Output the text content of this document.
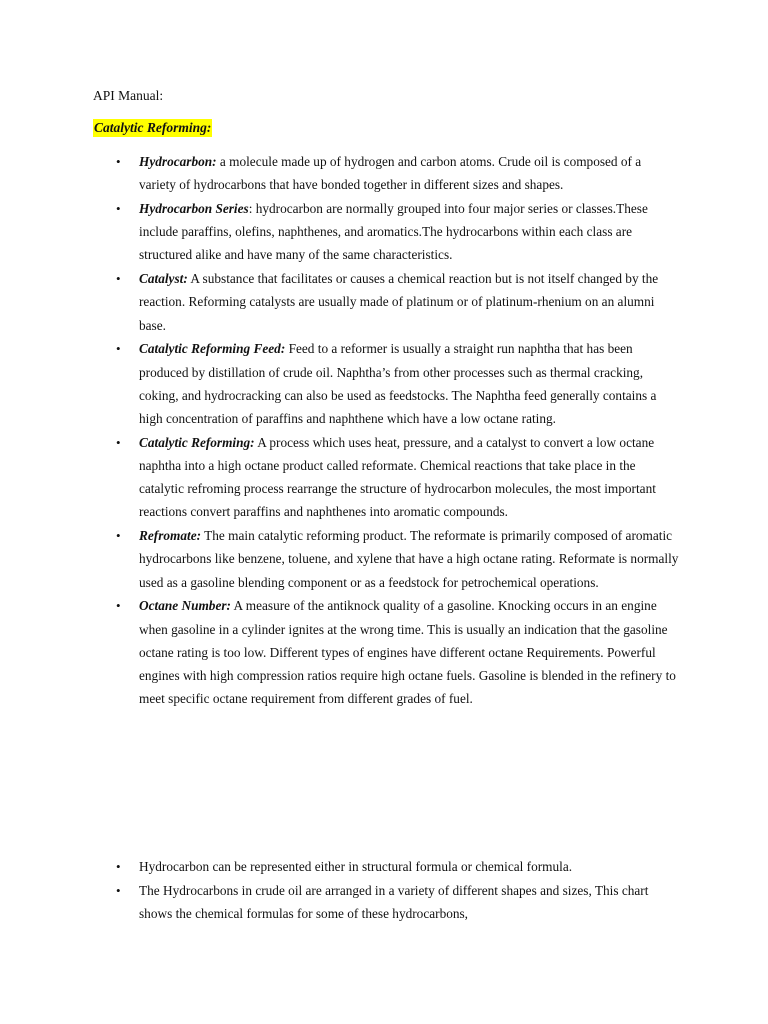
API Manual:
Catalytic Reforming:
• Hydrocarbon: a molecule made up of hydrogen and carbon atoms. Crude oil is composed of a variety of hydrocarbons that have bonded together in different sizes and shapes.
• Hydrocarbon Series: hydrocarbon are normally grouped into four major series or classes.These include paraffins, olefins, naphthenes, and aromatics.The hydrocarbons within each class are structured alike and have many of the same characteristics.
• Catalyst: A substance that facilitates or causes a chemical reaction but is not itself changed by the reaction. Reforming catalysts are usually made of platinum or of platinum-rhenium on an alumni base.
• Catalytic Reforming Feed: Feed to a reformer is usually a straight run naphtha that has been produced by distillation of crude oil. Naphtha’s from other processes such as thermal cracking, coking, and hydrocracking can also be used as feedstocks. The Naphtha feed generally contains a high concentration of paraffins and naphthene which have a low octane rating.
• Catalytic Reforming: A process which uses heat, pressure, and a catalyst to convert a low octane naphtha into a high octane product called reformate. Chemical reactions that take place in the catalytic refroming process rearrange the structure of hydrocarbon molecules, the most important reactions convert paraffins and naphthenes into aromatic compounds.
• Refromate: The main catalytic reforming product. The reformate is primarily composed of aromatic hydrocarbons like benzene, toluene, and xylene that have a high octane rating. Reformate is normally used as a gasoline blending component or as a feedstock for petrochemical operations.
• Octane Number: A measure of the antiknock quality of a gasoline. Knocking occurs in an engine when gasoline in a cylinder ignites at the wrong time. This is usually an indication that the gasoline octane rating is too low. Different types of engines have different octane Requirements. Powerful engines with high compression ratios require high octane fuels. Gasoline is blended in the refinery to meet specific octane requirement from different grades of fuel.
• Hydrocarbon can be represented either in structural formula or chemical formula.
• The Hydrocarbons in crude oil are arranged in a variety of different shapes and sizes, This chart shows the chemical formulas for some of these hydrocarbons,
